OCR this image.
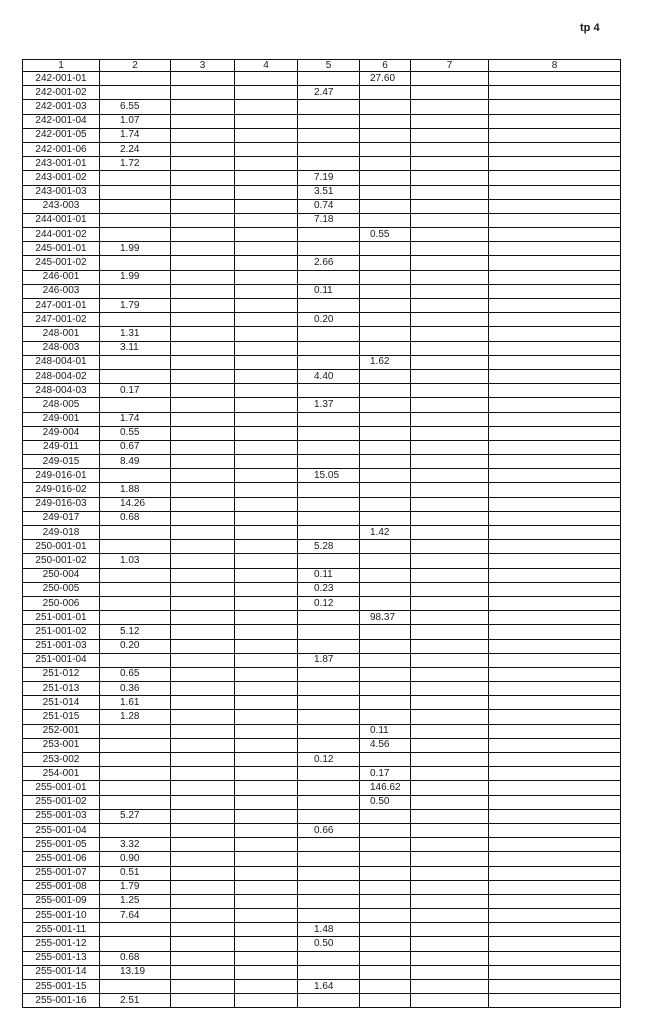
tp 4
1	2	3	4	5	6	7	8
242-001-01					27.60		
242-001-02				2.47			
242-001-03	6.55						
242-001-04	1.07						
242-001-05	1.74						
242-001-06	2.24						
243-001-01	1.72						
243-001-02				7.19			
243-001-03				3.51			
243-003				0.74			
244-001-01				7.18			
244-001-02					0.55		
245-001-01	1.99						
245-001-02				2.66			
246-001	1.99						
246-003				0.11			
247-001-01	1.79						
247-001-02				0.20			
248-001	1.31						
248-003	3.11						
248-004-01					1.62		
248-004-02				4.40			
248-004-03	0.17						
248-005				1.37			
249-001	1.74						
249-004	0.55						
249-011	0.67						
249-015	8.49						
249-016-01				15.05			
249-016-02	1.88						
249-016-03	14.26						
249-017	0.68						
249-018					1.42		
250-001-01				5.28			
250-001-02	1.03						
250-004				0.11			
250-005				0.23			
250-006				0.12			
251-001-01					98.37		
251-001-02	5.12						
251-001-03	0.20						
251-001-04				1.87			
251-012	0.65						
251-013	0.36						
251-014	1.61						
251-015	1.28						
252-001					0.11		
253-001					4.56		
253-002				0.12			
254-001					0.17		
255-001-01					146.62		
255-001-02					0.50		
255-001-03	5.27						
255-001-04				0.66			
255-001-05	3.32						
255-001-06	0.90						
255-001-07	0.51						
255-001-08	1.79						
255-001-09	1.25						
255-001-10	7.64						
255-001-11				1.48			
255-001-12				0.50			
255-001-13	0.68						
255-001-14	13.19						
255-001-15				1.64			
255-001-16	2.51						
